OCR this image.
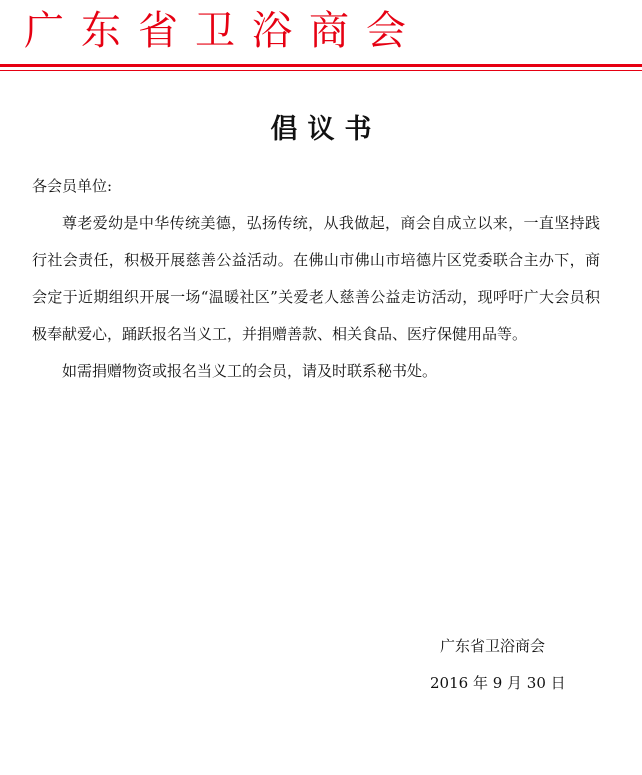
广东省卫浴商会
倡议书

各会员单位:

尊老爱幼是中华传统美德，弘扬传统，从我做起，商会自成立以来，一直坚持践行社会责任，积极开展慈善公益活动。在佛山市佛山市培德片区党委联合主办下，商会定于近期组织开展一场“温暖社区”关爱老人慈善公益走访活动，现呼吁广大会员积极奉献爱心，踊跃报名当义工，并捐赠善款、相关食品、医疗保健用品等。

如需捐赠物资或报名当义工的会员，请及时联系秘书处。

广东省卫浴商会

2016 年 9 月 30 日
